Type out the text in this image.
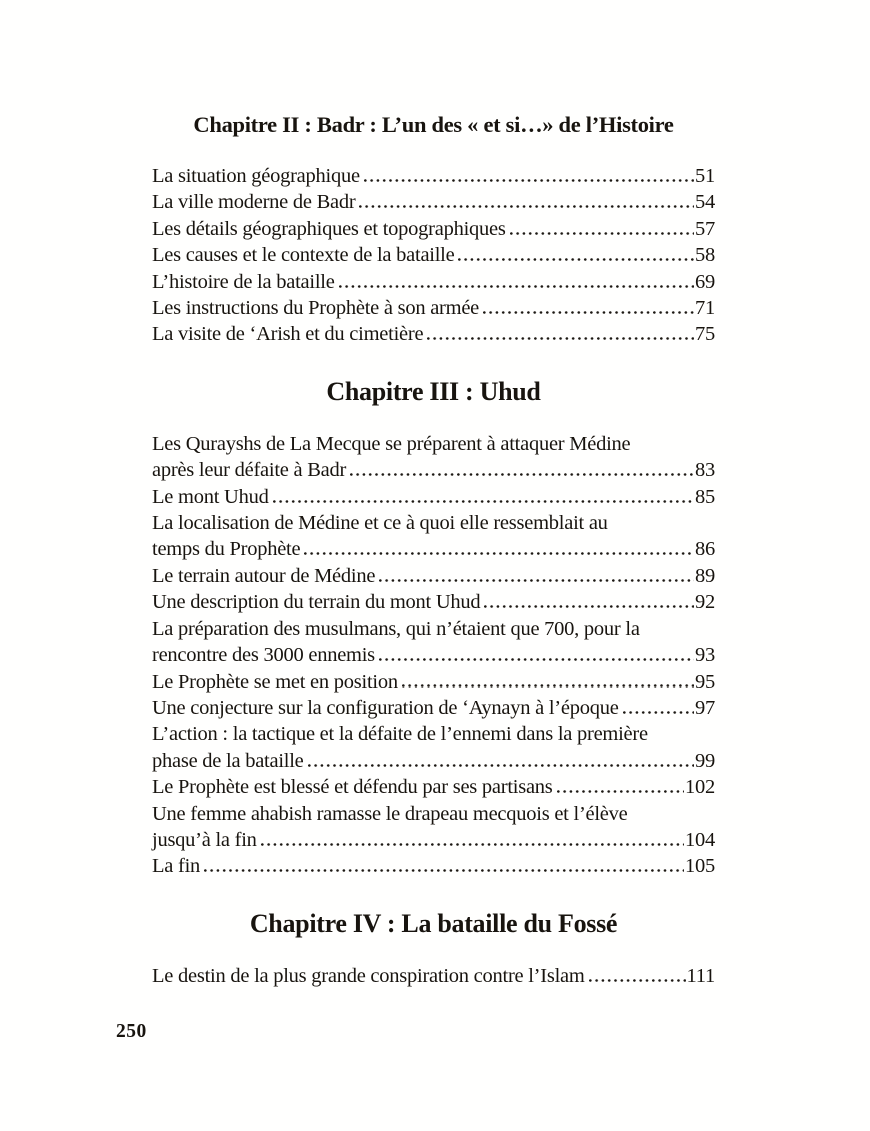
Chapitre II : Badr : L’un des « et si…» de l’Histoire
La situation géographique	51
La ville moderne de Badr	54
Les détails géographiques et topographiques	57
Les causes et le contexte de la bataille	58
L’histoire de la bataille	69
Les instructions du Prophète à son armée	71
La visite de ‘Arish et du cimetière	75
Chapitre III : Uhud
Les Qurayshs de La Mecque se préparent à attaquer Médine
après leur défaite à Badr	83
Le mont Uhud	85
La localisation de Médine et ce à quoi elle ressemblait au
temps du Prophète	86
Le terrain autour de Médine	89
Une description du terrain du mont Uhud	92
La préparation des musulmans, qui n’étaient que 700, pour la
rencontre des 3000 ennemis	93
Le Prophète se met en position	95
Une conjecture sur la configuration de ‘Aynayn à l’époque	97
L’action : la tactique et la défaite de l’ennemi dans la première
phase de la bataille	99
Le Prophète est blessé et défendu par ses partisans	102
Une femme ahabish ramasse le drapeau mecquois et l’élève
jusqu’à la fin	104
La fin	105
Chapitre IV : La bataille du Fossé
Le destin de la plus grande conspiration contre l’Islam	111
250
